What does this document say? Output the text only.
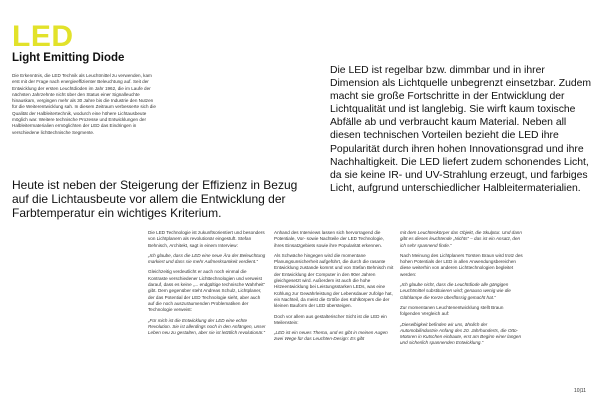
LED
Light Emitting Diode
Die Erkenntnis, die LED Technik als Leuchtmittel zu verwenden, kam erst mit der Frage nach energieeffizienter Beleuchtung auf. Seit der Entwicklung der ersten Leuchtdioden im Jahr 1962, die im Laufe der nächsten Jahrzehnte nicht über den Status einer Signalleuchte hinauskam, vergingen mehr als 30 Jahre bis die Industrie den Nutzen für die Weiterentwicklung sah. In diesem Zeitraum verbesserte sich die Qualität der Halbleitertechnik, wodurch eine höhere Lichtausbeute möglich war. Weitere technische Prozesse und Entwicklungen der Halbleitermaterialien ermöglichten der LED das Eindringen in verschiedene lichttechnische Segmente.
Heute ist neben der Steigerung der Effizienz in Bezug auf die Lichtausbeute vor allem die Entwicklung der Farbtemperatur ein wichtiges Kriterium.
Die LED ist regelbar bzw. dimmbar und in ihrer Dimension als Lichtquelle unbegrenzt einsetzbar. Zudem macht sie große Fortschritte in der Entwicklung der Lichtqualität und ist langlebig. Sie wirft kaum toxische Abfälle ab und verbraucht kaum Material. Neben all diesen technischen Vorteilen bezieht die LED ihre Popularität durch ihren hohen Innovationsgrad und ihre Nachhaltigkeit. Die LED liefert zudem schonendes Licht, da sie keine IR- und UV-Strahlung erzeugt, und farbiges Licht, aufgrund unterschiedlicher Halbleitermaterialien.

Die LED Technologie ist zukunftsorientiert und besonders von Lichtplanern als revolutionär eingestuft. Stefan Behnisch, Architekt, sagt in einem Interview:

„Ich glaube, dass die LED eine neue Ära der Beleuchtung markiert und dass sie mehr Aufmerksamkeit verdient.“

Gleichzeitig verdeutlicht er auch noch einmal die Kontraste verschiedener Lichttechnologien und verweist darauf, dass es keine „... endgültige technische Wahrheit“ gibt. Dem gegenüber steht Andreas Schulz, Lichtplaner, der das Potential der LED Technologie sieht, aber auch auf die noch auszuräumenden Problematiken der Technologie verweist:

„Für mich ist die Entwicklung der LED eine echte Revolution. Sie ist allerdings noch in den Anfängen, unser Leben neu zu gestalten, aber sie ist letztlich revolutionär.“

Anhand des Interviews lassen sich hervorragend die Potentiale, Vor- sowie Nachteile der LED Technologie, ihres Einsatzgebiets sowie ihre Popularität erkennen.

Als Schwäche hingegen wird die momentane Planungsunsicherheit aufgeführt, die durch die rasante Entwicklung zustande kommt und von Stefan Behnisch mit der Entwicklung der Computer in den 90er Jahren gleichgesetzt wird. Außerdem ist auch die hohe Hitzeentwicklung bei Leistungsstarken LEDs, was eine Kühlung zur Gewährleistung der Lebensdauer zufolge hat, ein Nachteil, da meist die Größe des Kühlkörpers die der kleinen Bauform der LED übersteigen.

Doch vor allem aus gestalterischer Sicht ist die LED ein Meilenstein:

„LED ist ein neues Thema, und es gibt in meinen Augen zwei Wege für das Leuchten-Design: Es gibt

mit dem Leuchtenkörper das Objekt, die Skulptur. Und dann gibt es dieses leuchtende „Nichts“ – das ist ein Ansatz, den ich sehr spannend finde.“

Nach Meinung des Lichtplaners Torsten Braun wird trotz des hohen Potentials der LED in allen Anwendungsbereichen diese weiterhin von anderen Lichttechnologien begleitet werden:

„Ich glaube nicht, dass die Leuchtdiode alle gängigen Leuchtmittel substituieren wird; genauso wenig wie die Glühlampe die Kerze überflüssig gemacht hat.“

Zur momentanen Leuchtenentwicklung stellt Braun folgenden Vergleich auf:

„Dieselbigkeit befinden wir uns, ähnlich der Automobilindustrie Anfang des 20. Jahrhunderts, die Otto-Motoren in Kutschen einbaute, erst am Beginn einer langen und sicherlich spannenden Entwicklung.“

10|11
